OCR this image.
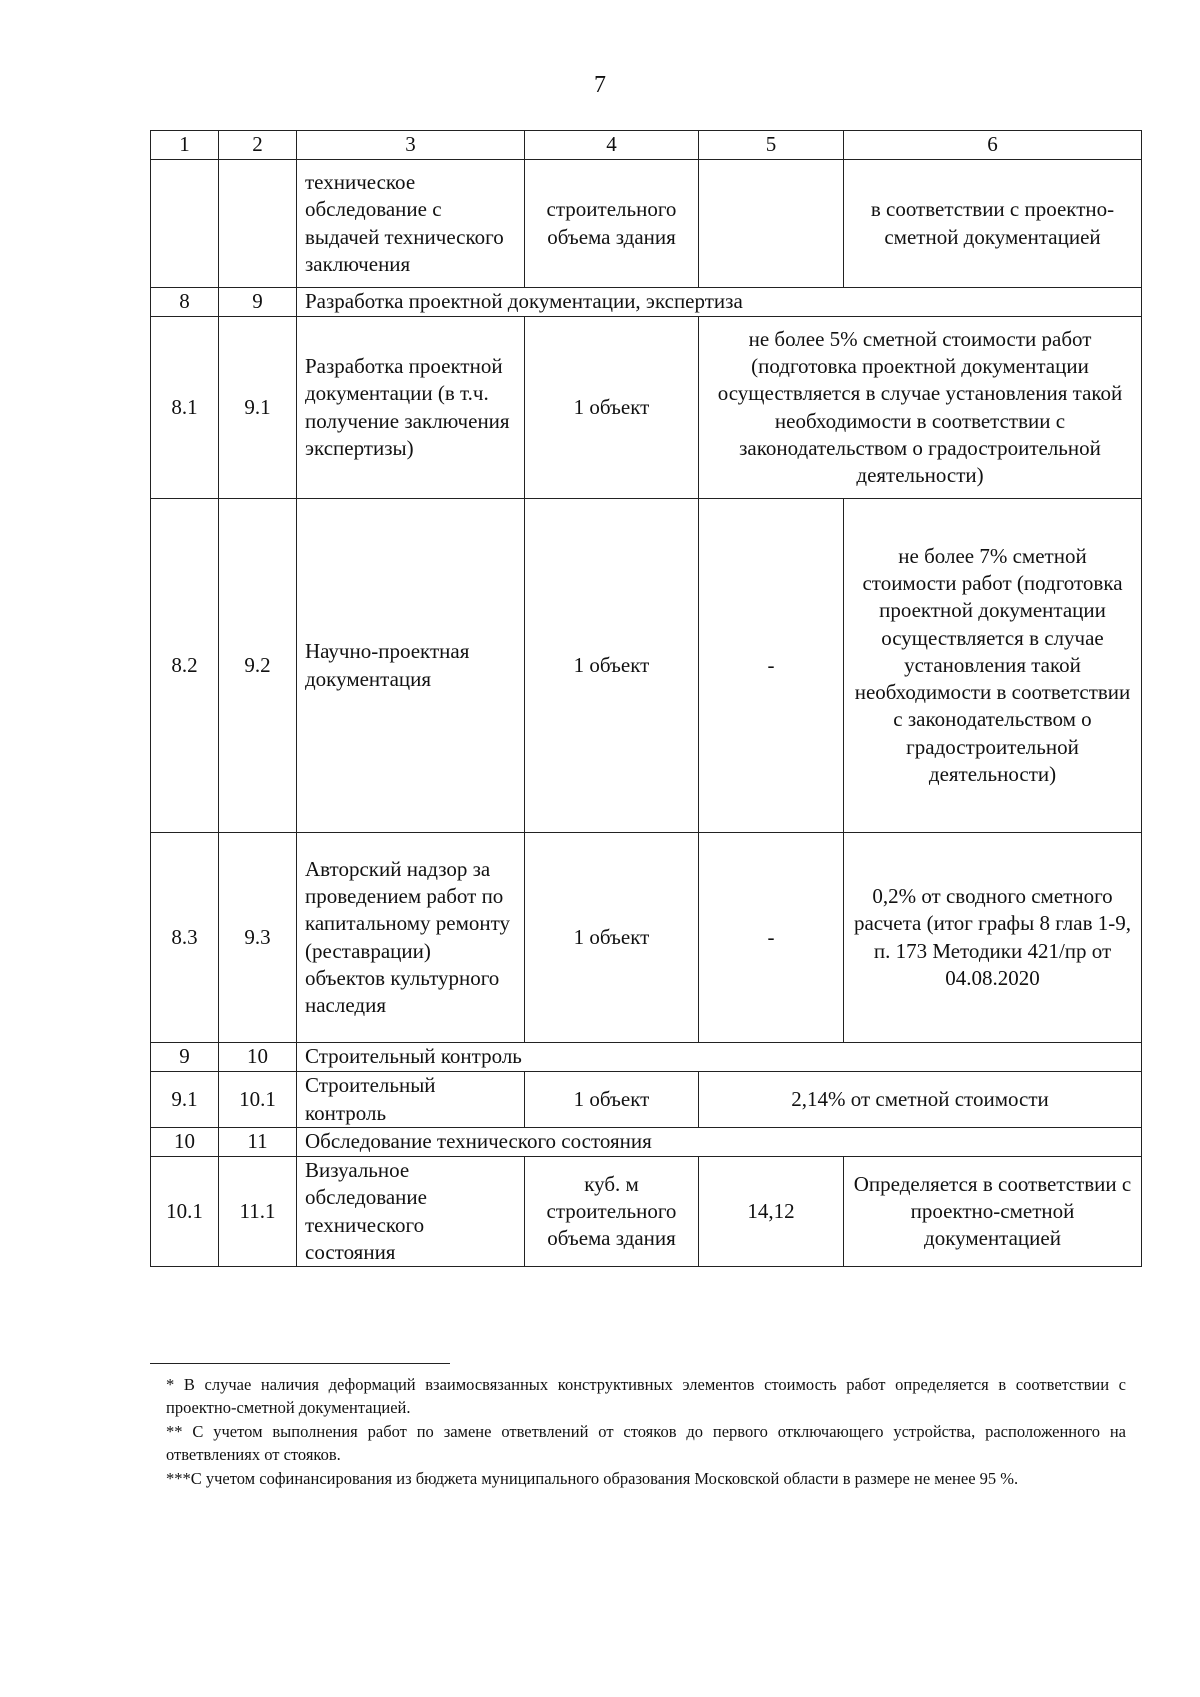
7
1	2	3	4	5	6
		техническое обследование с выдачей технического заключения	строительного объема здания		в соответствии с проектно-сметной документацией
8	9	Разработка проектной документации, экспертиза			
8.1	9.1	Разработка проектной документации (в т.ч. получение заключения экспертизы)	1 объект	не более 5% сметной стоимости работ (подготовка проектной документации осуществляется в случае установления такой необходимости в соответствии с законодательством о градостроительной деятельности)	
8.2	9.2	Научно-проектная документация	1 объект	-	не более 7% сметной стоимости работ (подготовка проектной документации осуществляется в случае установления такой необходимости в соответствии с законодательством о градостроительной деятельности)
8.3	9.3	Авторский надзор за проведением работ по капитальному ремонту (реставрации) объектов культурного наследия	1 объект	-	0,2% от сводного сметного расчета (итог графы 8 глав 1-9, п. 173 Методики 421/пр от 04.08.2020
9	10	Строительный контроль			
9.1	10.1	Строительный контроль	1 объект	2,14% от сметной стоимости	
10	11	Обследование технического состояния			
10.1	11.1	Визуальное обследование технического состояния	куб. м строительного объема здания	14,12	Определяется в соответствии с проектно-сметной документацией

* В случае наличия деформаций взаимосвязанных конструктивных элементов стоимость работ определяется в соответствии с проектно-сметной документацией.

** С учетом выполнения работ по замене ответвлений от стояков до первого отключающего устройства, расположенного на ответвлениях от стояков.

***С учетом софинансирования из бюджета муниципального образования Московской области в размере не менее 95 %.
